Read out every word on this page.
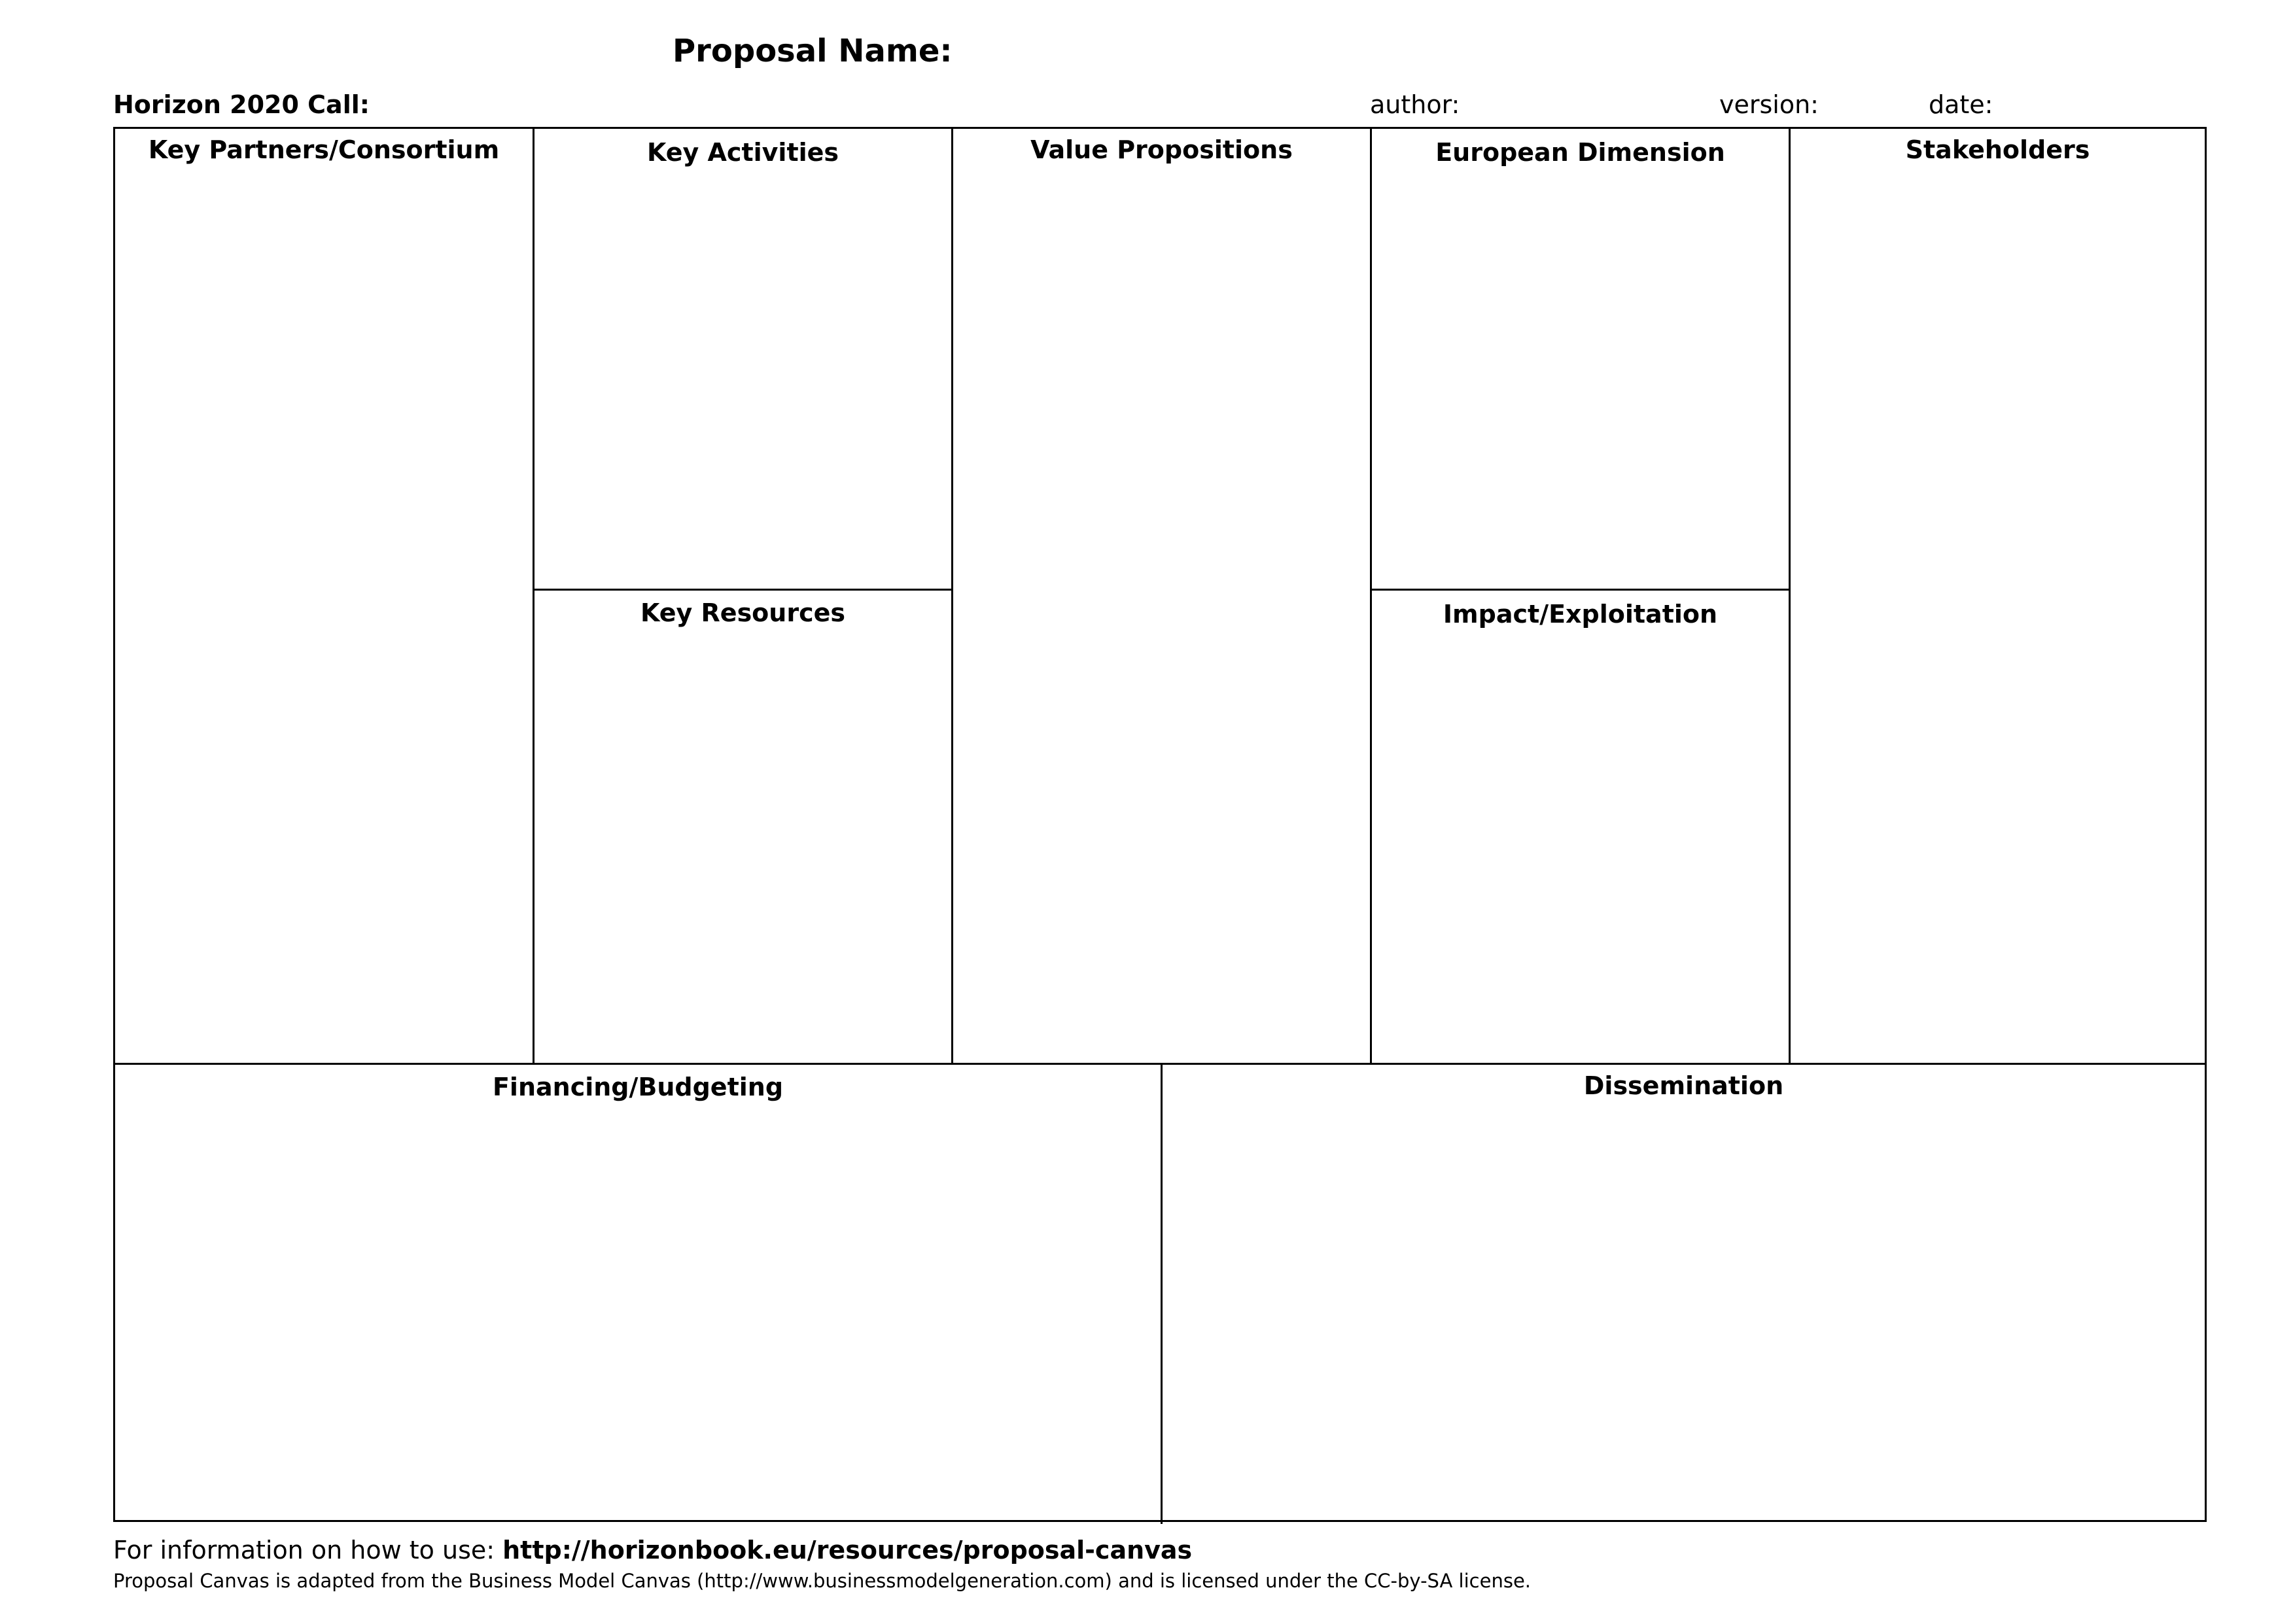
Proposal Name:
Horizon 2020 Call:	author:	version:	date:
Key Partners/Consortium	Key Activities
Key Resources
Value Propositions	European Dimension
Impact/Exploitation
Stakeholders
Financing/Budgeting	Dissemination
For information on how to use: http://horizonbook.eu/resources/proposal-canvas
Proposal Canvas is adapted from the Business Model Canvas (http://www.businessmodelgeneration.com) and is licensed under the CC-by-SA license.
